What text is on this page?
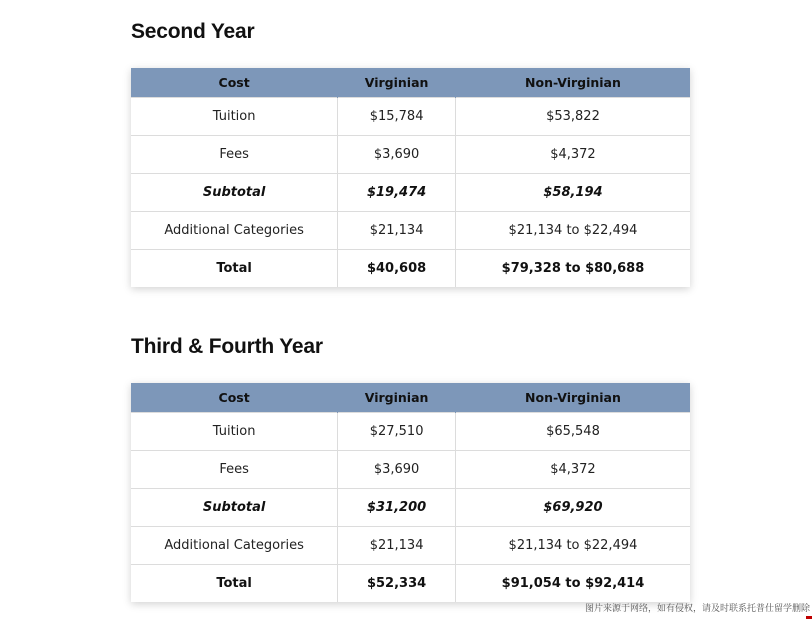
Second Year
Cost	Virginian	Non-Virginian
Tuition	$15,784	$53,822
Fees	$3,690	$4,372
Subtotal	$19,474	$58,194
Additional Categories	$21,134	$21,134 to $22,494
Total	$40,608	$79,328 to $80,688
Third & Fourth Year
Cost	Virginian	Non-Virginian
Tuition	$27,510	$65,548
Fees	$3,690	$4,372
Subtotal	$31,200	$69,920
Additional Categories	$21,134	$21,134 to $22,494
Total	$52,334	$91,054 to $92,414
图片来源于网络，如有侵权，请及时联系托普仕留学删除
